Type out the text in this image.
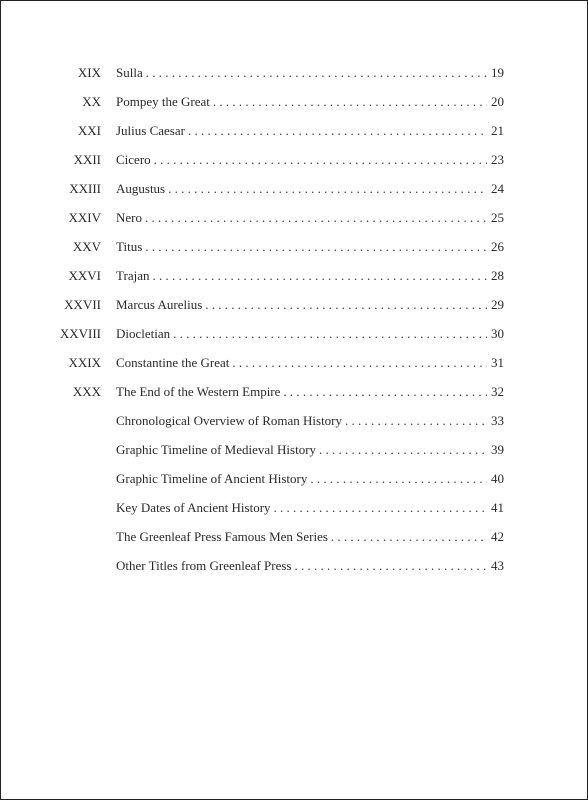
XIX Sulla . . .	19
XX Pompey the Great . . .	20
XXI Julius Caesar . . .	21
XXII Cicero . . .	23
XXIII Augustus . . .	24
XXIV Nero . . .	25
XXV Titus . . .	26
XXVI Trajan . . .	28
XXVII Marcus Aurelius . . .	29
XXVIII Diocletian . . .	30
XXIX Constantine the Great . . .	31
XXX The End of the Western Empire . . .	32
Chronological Overview of Roman History . . .	33
Graphic Timeline of Medieval History . . .	39
Graphic Timeline of Ancient History . . .	40
Key Dates of Ancient History . . .	41
The Greenleaf Press Famous Men Series . . .	42
Other Titles from Greenleaf Press . . .	43
